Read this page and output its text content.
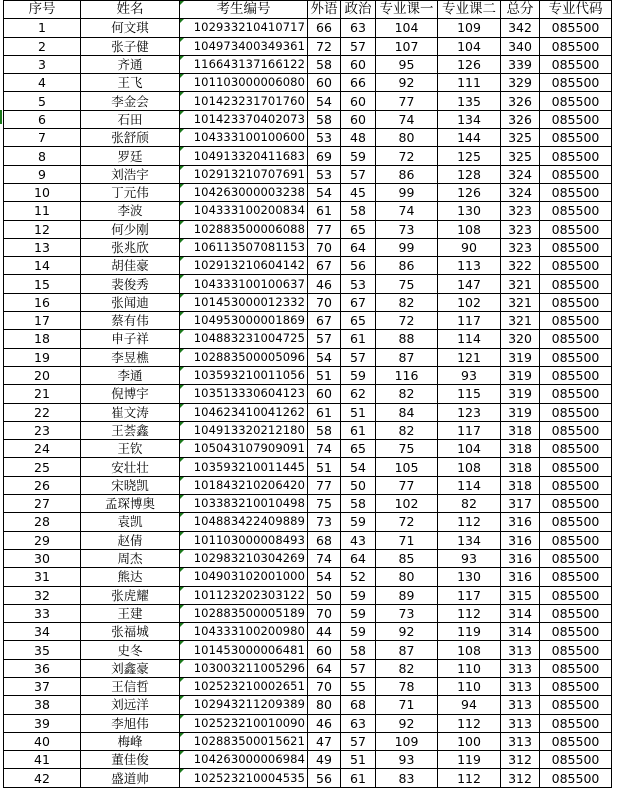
序号	姓名	考生编号	外语	政治	专业课一	专业课二	总分	专业代码
1	何文琪	102933210410717	66	63	104	109	342	085500
2	张子健	104973400349361	72	57	107	104	340	085500
3	齐通	116643137166122	58	60	95	126	339	085500
4	王飞	101103000006080	60	66	92	111	329	085500
5	李金会	101423231701760	54	60	77	135	326	085500
6	石田	101423370402073	58	60	74	134	326	085500
7	张舒颀	104333100100600	53	48	80	144	325	085500
8	罗廷	104913320411683	69	59	72	125	325	085500
9	刘浩宇	102913210707691	53	57	86	128	324	085500
10	丁元伟	104263000003238	54	45	99	126	324	085500
11	李波	104333100200834	61	58	74	130	323	085500
12	何少刚	102883500006088	77	65	73	108	323	085500
13	张兆欣	106113507081153	70	64	99	90	323	085500
14	胡佳豪	102913210604142	67	56	86	113	322	085500
15	裴俊秀	104333100100637	46	53	75	147	321	085500
16	张闻迪	101453000012332	70	67	82	102	321	085500
17	蔡有伟	104953000001869	67	65	72	117	321	085500
18	申子祥	104883231004725	57	61	88	114	320	085500
19	李昱樵	102883500005096	54	57	87	121	319	085500
20	李通	103593210011056	51	59	116	93	319	085500
21	倪博宇	103513330604123	60	62	82	115	319	085500
22	崔文涛	104623410041262	61	51	84	123	319	085500
23	王荟鑫	104913320212180	58	61	82	117	318	085500
24	王钦	105043107909091	74	65	75	104	318	085500
25	安壮壮	103593210011445	51	54	105	108	318	085500
26	宋晓凯	101843210206420	77	50	77	114	318	085500
27	孟琛博奥	103383210010498	75	58	102	82	317	085500
28	袁凯	104883422409889	73	59	72	112	316	085500
29	赵倩	101103000008493	68	43	71	134	316	085500
30	周杰	102983210304269	74	64	85	93	316	085500
31	熊达	104903102001000	54	52	80	130	316	085500
32	张虎耀	101123202303122	50	59	89	117	315	085500
33	王建	102883500005189	70	59	73	112	314	085500
34	张福城	104333100200980	44	59	92	119	314	085500
35	史冬	101453000006481	60	58	87	108	313	085500
36	刘鑫豪	103003211005296	64	57	82	110	313	085500
37	王信哲	102523210002651	70	55	78	110	313	085500
38	刘远洋	102943211209389	80	68	71	94	313	085500
39	李旭伟	102523210010090	46	63	92	112	313	085500
40	梅峰	102883500015621	47	57	109	100	313	085500
41	董佳俊	104263000006984	49	51	93	119	312	085500
42	盛道帅	102523210004535	56	61	83	112	312	085500
